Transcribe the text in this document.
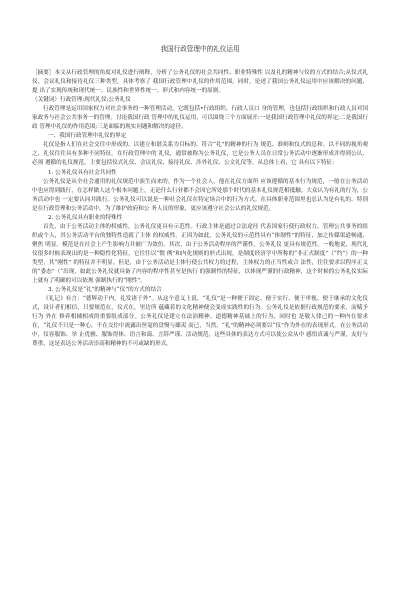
我国行政管理中的礼仪运用

［摘要］本文从行政管理的角度对礼仪进行阐释，分析了公务礼仪的社会共同性、职业特殊性 以及礼的精神与仪的方式的结合;从仪式礼仪、会议礼仪和接待礼仪三种类型，具体考察了 我国行政管理中礼仪的作用范围，同时，论述了我国公务礼仪运用中应该解决的问题，提 出了实现传统和现代统一、民族性和世界性统一、形式和内容统一的原则。

（关键词）行政管理;现代礼仪;公务礼仪

行政管理是运用国家权力对社会事务的一种管理活动。它既包括•行政组织、行政人员口 身的管理，也包括行政组织和行政人员对国家政务与社会公共事务一的管理。讨论我国行政 管理中的礼仪运用，可以围绕三个方面展开:一是我国行政管理中礼仪的界定;二是我国行政 管理中礼仪的作用范围;三是面临的现实问题和解决的途径。

一、我国行政管理中礼仪的界定

礼仪是指人们在社会交往中形成的、以建立和谐关系为目标的、符合“礼”的精神的行为 规范、准则和仪式的总和。以不同的视角观之，礼仪往往具有多种不同特征。在行政管理中的 礼仪，通常被称为公务礼仪，它是公务人员在日常公务活动中逐渐形成并得到公认、必须 遵循的礼仪规范。主要包括仪式礼仪、会议礼仪、接待礼仪、涉外礼仪、公文礼仪等。从总体上看，它 具有以下特征：

1. 公务礼仪具有社会共同性

公务礼仪是从全社会通用的礼仪规范中演生而来的。作为一个社会人，他在礼仪方面所 应该遵循的基本行为规范，一般在公务活动中也应得到践行，在怎样做人这个根本问题上，无论什么行业都不会因它所处那个时代的基本礼仪规范相抵触。大众认为有礼的行为，公务活动中也 一定要认同并践行。公务礼仪可以说是一种社会礼仪在特定场合中的行为方式。在具体职业范围里也总认为是有礼的。特别是在行政管理和公务活动中，为了维护政府和公 务人员的形象，更应该遵守社会公认的礼仪规范。

2. 公务礼仪具有职业的特殊性

首先，由于公务活动主体的权威性，公务礼仪更具有示范性。行政主体是通过合法途径 代表国家行使行政权力，管理公共事务的组织或个人，其公务活动平台的独特性造就了主体 的权威性。正因为如此，公务礼仪的示范性具有“体制性”的特征，加之传媒渠道畅通、聚焦 明显，模范是在社会上产生影响力并被广为效仿。其次，由于公务活动程序的严谨性，公务礼仪 更具有规范性。一般地说，现代礼仪很多时候表现出的是一种隐性化特征，它往往以“惯 例”和内化规则的形式出现，是制度经济学中所称的“非正式制度”（“约”）的一种类型，其“刚性” 的特征并不明显。但是，由于公务活动是主体行使公共权力的过程，主体权力的正当性或合 法性，往往要求以程序正义的“委态”（“出现，如此公务礼仪就具备了内容的程序性甚至是执行 的强制性的特征，以体现严谨的行政精神，这个时候的公务礼仪实际上就有了明确的可以依规 强制执行的“刚性”。

3. 公务礼仪是“礼”的精神与“仪”的方式的结合

《礼记》有言：“德辉动于内，礼发诸于外”。从这个意义上说，“礼仪”是一种便于固定、便于实行、便于审视、便于继承的文化仪式，设计者们相信，只要规范在，仪式在，里边所 蕴藏着的文化精神便会变成实践性的行为。公务礼仪是依据行政规范的要求，而赋予行为 外在 修养相辅相成的重要组成部分。公务礼仪是建立在法治精神、道德精神基础上的行为，同时也 是敬人律己的一种内在要求在，“礼仪不只是一种心，不在交往中流露出丝毫的盘慢与鄙夷 而已，当然，“礼”的精神必须要以“仪”作为外在的表现形式。在公务活动中，仪容服饰、举 止优雅、服饰得体、语言和蔼、言辞严谨、活动规范，这些具体的表达方式可以使公众从中 感悟真诚与严谨，友好与尊重，这是表达公务活动崇高和精神的不可或缺的形式。
